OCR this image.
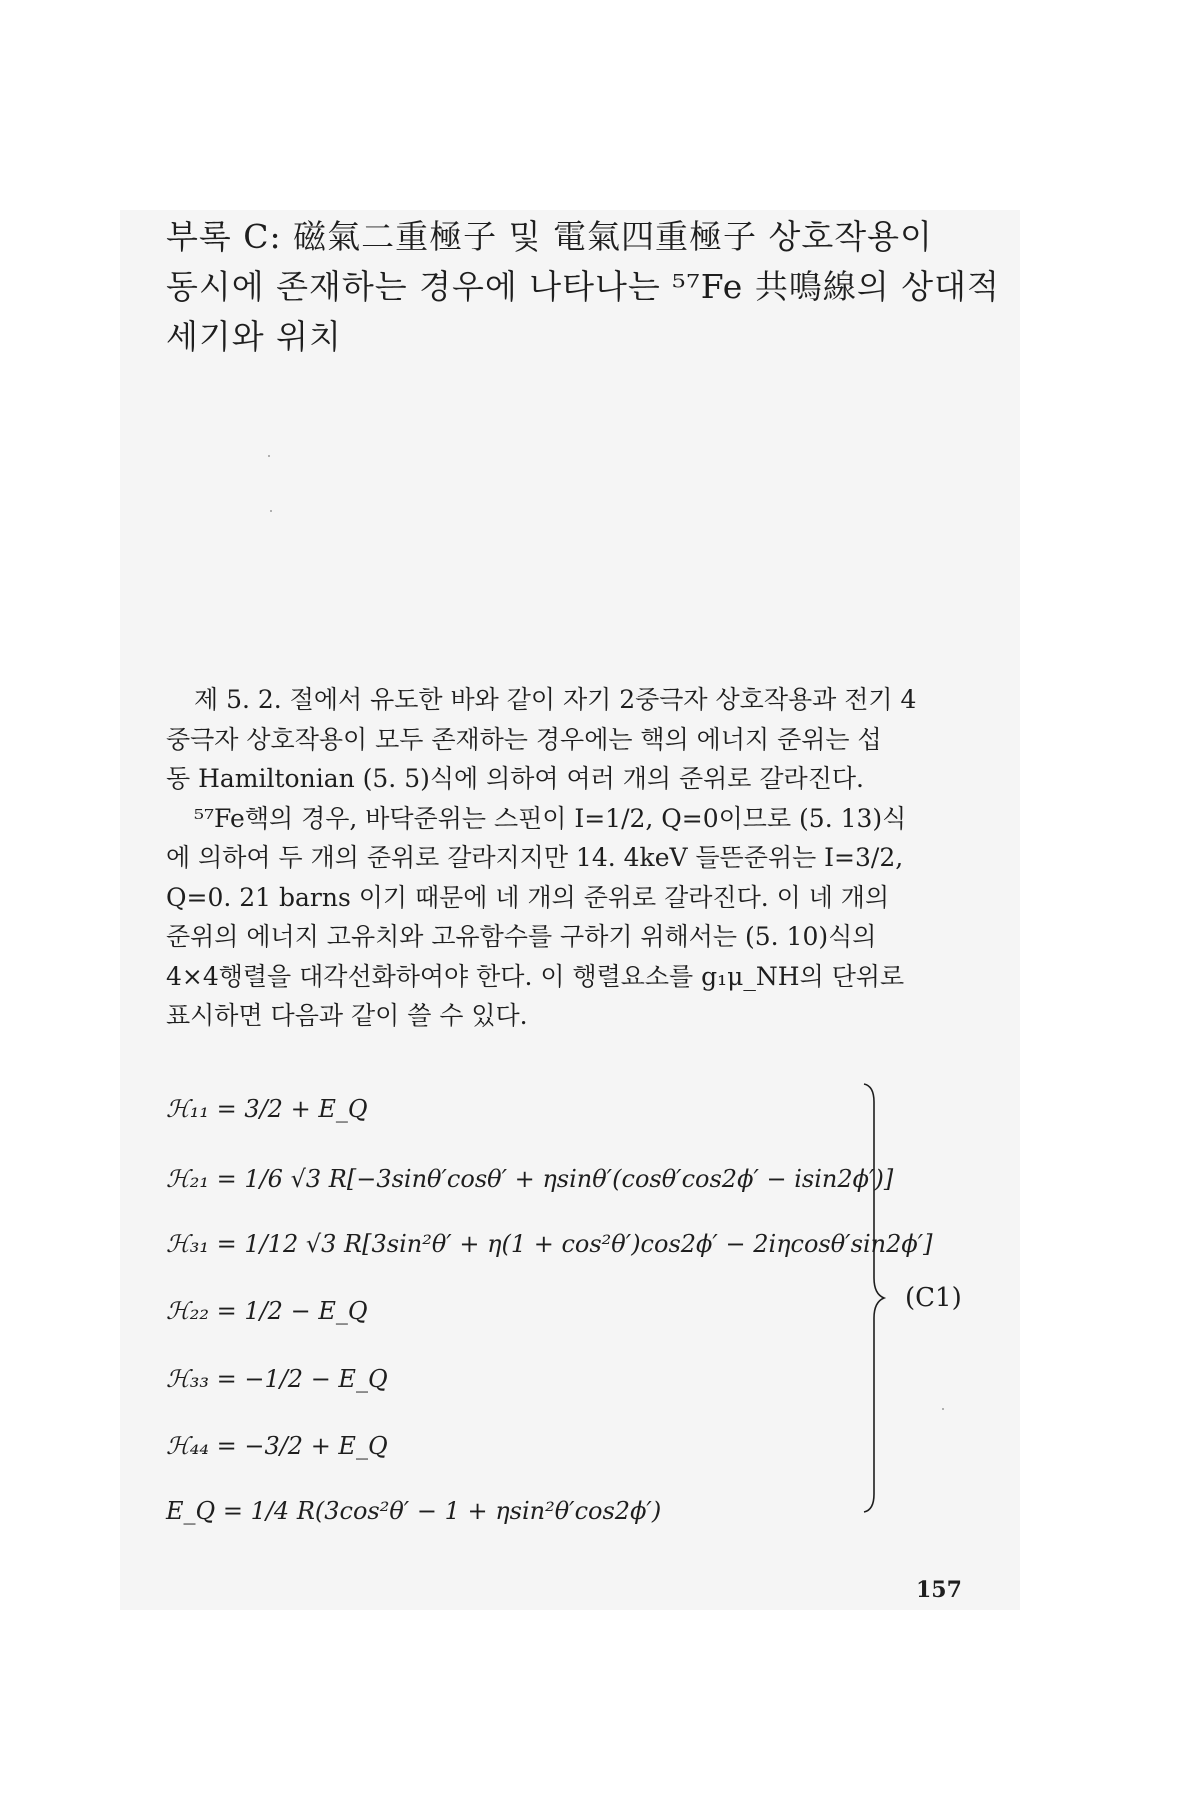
부록 C: 磁氣二重極子 및 電氣四重極子 상호작용이
동시에 존재하는 경우에 나타나는 ⁵⁷Fe 共鳴線의 상대적
세기와 위치
제 5. 2. 절에서 유도한 바와 같이 자기 2중극자 상호작용과 전기 4
중극자 상호작용이 모두 존재하는 경우에는 핵의 에너지 준위는 섭
동 Hamiltonian (5. 5)식에 의하여 여러 개의 준위로 갈라진다.
⁵⁷Fe핵의 경우, 바닥준위는 스핀이 I=1/2, Q=0이므로 (5. 13)식
에 의하여 두 개의 준위로 갈라지지만 14. 4keV 들뜬준위는 I=3/2,
Q=0. 21 barns 이기 때문에 네 개의 준위로 갈라진다. 이 네 개의
준위의 에너지 고유치와 고유함수를 구하기 위해서는 (5. 10)식의
4×4행렬을 대각선화하여야 한다. 이 행렬요소를 g₁μ_NH의 단위로
표시하면 다음과 같이 쓸 수 있다.
ℋ₁₁ = 3/2 + E_Q
ℋ₂₁ = 1/6 √3 R[−3sinθ′cosθ′ + ηsinθ′(cosθ′cos2ϕ′ − isin2ϕ′)]
ℋ₃₁ = 1/12 √3 R[3sin²θ′ + η(1 + cos²θ′)cos2ϕ′ − 2iηcosθ′sin2ϕ′]
ℋ₂₂ = 1/2 − E_Q
ℋ₃₃ = −1/2 − E_Q
ℋ₄₄ = −3/2 + E_Q
E_Q = 1/4 R(3cos²θ′ − 1 + ηsin²θ′cos2ϕ′)
(C1)
157
